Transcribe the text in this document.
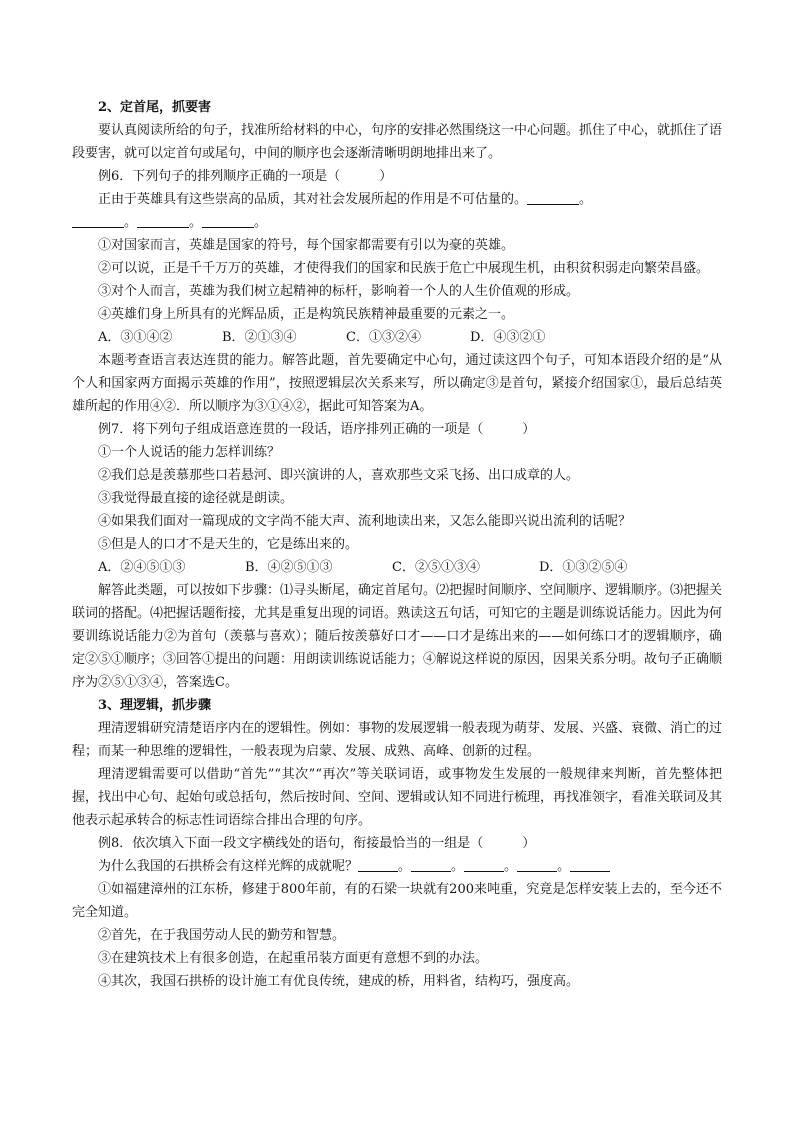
2、定首尾，抓要害

要认真阅读所给的句子，找准所给材料的中心，句序的安排必然围绕这一中心问题。抓住了中心，就抓住了语段要害，就可以定首句或尾句，中间的顺序也会逐渐清晰明朗地排出来了。

例6．下列句子的排列顺序正确的一项是（　　　）

正由于英雄具有这些崇高的品质，其对社会发展所起的作用是不可估量的。	。

。	。	。

①对国家而言，英雄是国家的符号，每个国家都需要有引以为豪的英雄。

②可以说，正是千千万万的英雄，才使得我们的国家和民族于危亡中展现生机，由积贫积弱走向繁荣昌盛。

③对个人而言，英雄为我们树立起精神的标杆，影响着一个人的人生价值观的形成。

④英雄们身上所具有的光辉品质，正是构筑民族精神最重要的元素之一。

A．③①④②	B．②①③④	C．①③②④	D．④③②①

本题考查语言表达连贯的能力。解答此题，首先要确定中心句，通过读这四个句子，可知本语段介绍的是“从个人和国家两方面揭示英雄的作用”，按照逻辑层次关系来写，所以确定③是首句，紧接介绍国家①，最后总结英雄所起的作用④②．所以顺序为③①④②，据此可知答案为A。

例7．将下列句子组成语意连贯的一段话，语序排列正确的一项是（　　　）

①一个人说话的能力怎样训练？

②我们总是羡慕那些口若悬河、即兴演讲的人，喜欢那些文采飞扬、出口成章的人。

③我觉得最直接的途径就是朗读。

④如果我们面对一篇现成的文字尚不能大声、流利地读出来，又怎么能即兴说出流利的话呢？

⑤但是人的口才不是天生的，它是练出来的。

A．②④⑤①③	B．④②⑤①③	C．②⑤①③④	D．①③②⑤④

解答此类题，可以按如下步骤：⑴寻头断尾，确定首尾句。⑵把握时间顺序、空间顺序、逻辑顺序。⑶把握关联词的搭配。⑷把握话题衔接，尤其是重复出现的词语。熟读这五句话，可知它的主题是训练说话能力。因此为何要训练说话能力②为首句（羡慕与喜欢）；随后按羡慕好口才——口才是练出来的——如何练口才的逻辑顺序，确定②⑤①顺序；③回答①提出的问题：用朗读训练说话能力；④解说这样说的原因，因果关系分明。故句子正确顺序为②⑤①③④，答案选C。

3、理逻辑，抓步骤

理清逻辑研究清楚语序内在的逻辑性。例如：事物的发展逻辑一般表现为萌芽、发展、兴盛、衰微、消亡的过程；而某一种思维的逻辑性，一般表现为启蒙、发展、成熟、高峰、创新的过程。

理清逻辑需要可以借助“首先”“其次”“再次”等关联词语，或事物发生发展的一般规律来判断，首先整体把握，找出中心句、起始句或总括句，然后按时间、空间、逻辑或认知不同进行梳理，再找准领字，看准关联词及其他表示起承转合的标志性词语综合排出合理的句序。

例8．依次填入下面一段文字横线处的语句，衔接最恰当的一组是（　　　）

为什么我国的石拱桥会有这样光辉的成就呢？	。	。	。	。

①如福建漳州的江东桥，修建于800年前，有的石梁一块就有200来吨重，究竟是怎样安装上去的，至今还不完全知道。

②首先，在于我国劳动人民的勤劳和智慧。

③在建筑技术上有很多创造，在起重吊装方面更有意想不到的办法。

④其次，我国石拱桥的设计施工有优良传统，建成的桥，用料省，结构巧，强度高。
